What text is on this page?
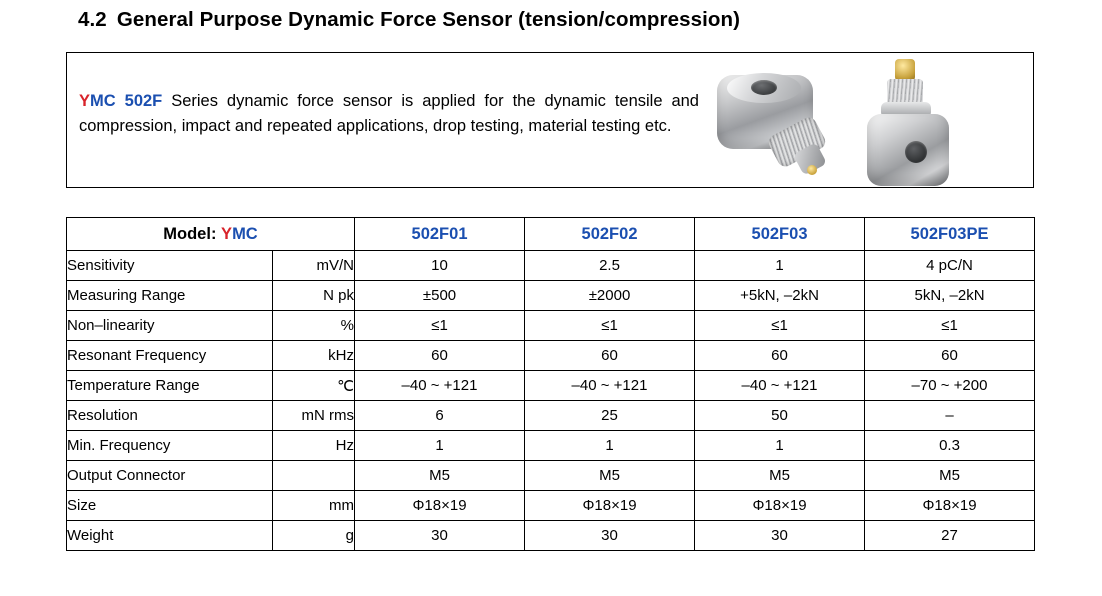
4.2 General Purpose Dynamic Force Sensor (tension/compression)
YMC 502F Series dynamic force sensor is applied for the dynamic tensile and compression, impact and repeated applications, drop testing, material testing etc.
Model: YMC		502F01	502F02	502F03	502F03PE
Sensitivity	mV/N	10	2.5	1	4 pC/N
Measuring Range	N pk	±500	±2000	+5kN, –2kN	5kN, –2kN
Non–linearity	%	≤1	≤1	≤1	≤1
Resonant Frequency	kHz	60	60	60	60
Temperature Range	℃	–40 ~ +121	–40 ~ +121	–40 ~ +121	–70 ~ +200
Resolution	mN rms	6	25	50	–
Min. Frequency	Hz	1	1	1	0.3
Output Connector		M5	M5	M5	M5
Size	mm	Φ18×19	Φ18×19	Φ18×19	Φ18×19
Weight	g	30	30	30	27
